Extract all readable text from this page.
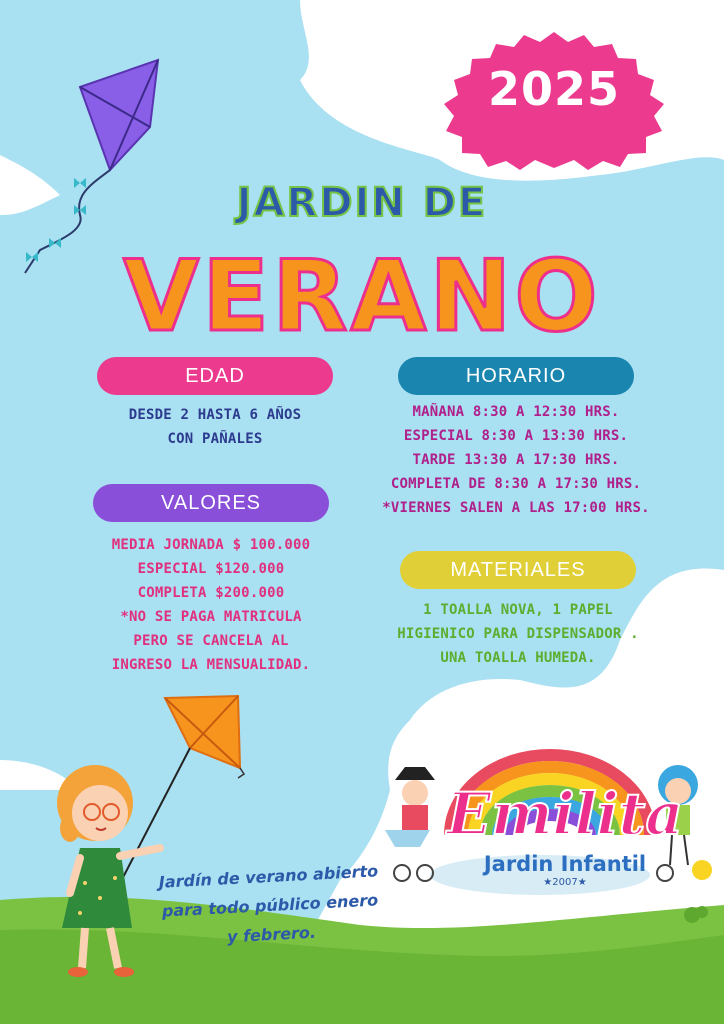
2025
JARDIN DE
VERANO
EDAD
DESDE 2 HASTA 6 AÑOS
CON PAÑALES
HORARIO
MAÑANA 8:30 A 12:30 HRS.
ESPECIAL 8:30 A 13:30 HRS.
TARDE 13:30 A 17:30 HRS.
COMPLETA DE 8:30 A 17:30 HRS.
*VIERNES SALEN A LAS 17:00 HRS.
VALORES
MEDIA JORNADA $ 100.000
ESPECIAL $120.000
COMPLETA $200.000
*NO SE PAGA MATRICULA
PERO SE CANCELA AL
INGRESO LA MENSUALIDAD.
MATERIALES
1 TOALLA NOVA, 1 PAPEL
HIGIENICO PARA DISPENSADOR .
UNA TOALLA HUMEDA.
Jardín de verano abierto
para todo público enero
y febrero.
Emilita
Jardin Infantil
★2007★
